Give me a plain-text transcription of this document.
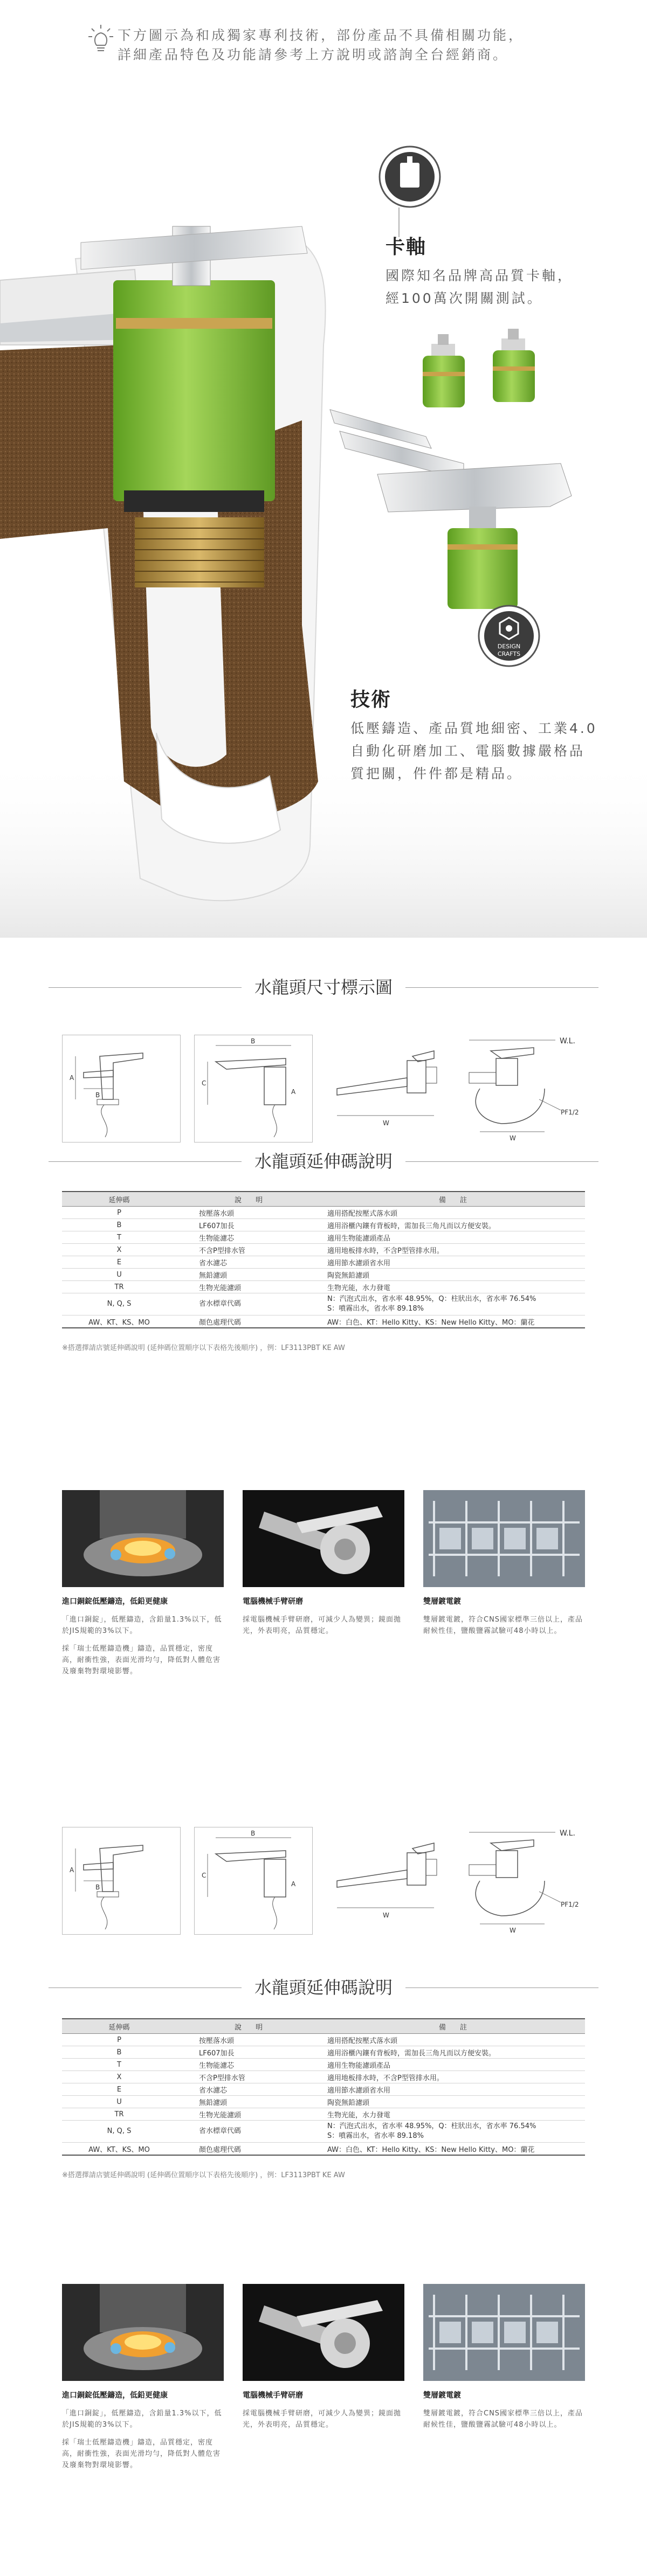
下方圖示為和成獨家專利技術，部份產品不具備相關功能，
詳細產品特色及功能請參考上方說明或諮詢全台經銷商。
DESIGN
CRAFTS
卡軸
國際知名品牌高品質卡軸，
經100萬次開關測試。
技術
低壓鑄造、產品質地細密、工業4.0
自動化研磨加工、電腦數據嚴格品
質把關，件件都是精品。
水龍頭尺寸標示圖
A
B
B
C
A
W
W.L.
W
PF1/2
水龍頭延伸碼說明
延伸碼	說　　明	備　　註
P	按壓落水頭	適用搭配按壓式落水頭
B	LF607加長	適用浴櫃內鑲有背板時，需加長三角凡而以方便安裝。
T	生物能濾芯	適用生物能濾頭產品
X	不含P型排水管	適用地板排水時，不含P型管排水用。
E	省水濾芯	適用節水濾頭省水用
U	無鉛濾頭	陶瓷無鉛濾頭
TR	生物光能濾頭	生物光能，水力發電
N, Q, S	省水標章代碼	N：汽泡式出水，省水率 48.95%，Q：柱狀出水，省水率 76.54%
S：噴霧出水，省水率 89.18%

AW、KT、KS、MO	顏色處理代碼	AW：白色、KT：Hello Kitty、KS：New Hello Kitty、MO：蘭花
※搭選擇請店號延伸碼說明 (延伸碼位置順序以下表格先後順序) ，例：LF3113PBT KE AW
進口銅錠低壓鑄造，低鉛更健康
「進口銅錠」，低壓鑄造，含鉛量1.3%以下，低於JIS規範的3%以下。
採「瑞士低壓鑄造機」鑄造，品質穩定，密度高，耐衝性強，表面光滑均勻，降低對人體危害及廢棄物對環境影響。
電腦機械手臂研磨
採電腦機械手臂研磨，可減少人為變異；鏡面拋光，外表明亮，品質穩定。
雙層鍍電鍍
雙層鍍電鍍，符合CNS國家標準三倍以上，產品耐候性佳，鹽酸鹽霧試驗可48小時以上。
A
B
B
C
A
W
W.L.
W
PF1/2
水龍頭延伸碼說明
延伸碼	說　　明	備　　註
P	按壓落水頭	適用搭配按壓式落水頭
B	LF607加長	適用浴櫃內鑲有背板時，需加長三角凡而以方便安裝。
T	生物能濾芯	適用生物能濾頭產品
X	不含P型排水管	適用地板排水時，不含P型管排水用。
E	省水濾芯	適用節水濾頭省水用
U	無鉛濾頭	陶瓷無鉛濾頭
TR	生物光能濾頭	生物光能，水力發電
N, Q, S	省水標章代碼	N：汽泡式出水，省水率 48.95%，Q：柱狀出水，省水率 76.54%
S：噴霧出水，省水率 89.18%

AW、KT、KS、MO	顏色處理代碼	AW：白色、KT：Hello Kitty、KS：New Hello Kitty、MO：蘭花
※搭選擇請店號延伸碼說明 (延伸碼位置順序以下表格先後順序) ，例：LF3113PBT KE AW
進口銅錠低壓鑄造，低鉛更健康
「進口銅錠」，低壓鑄造，含鉛量1.3%以下，低於JIS規範的3%以下。
採「瑞士低壓鑄造機」鑄造，品質穩定，密度高，耐衝性強，表面光滑均勻，降低對人體危害及廢棄物對環境影響。
電腦機械手臂研磨
採電腦機械手臂研磨，可減少人為變異；鏡面拋光，外表明亮，品質穩定。
雙層鍍電鍍
雙層鍍電鍍，符合CNS國家標準三倍以上，產品耐候性佳，鹽酸鹽霧試驗可48小時以上。
